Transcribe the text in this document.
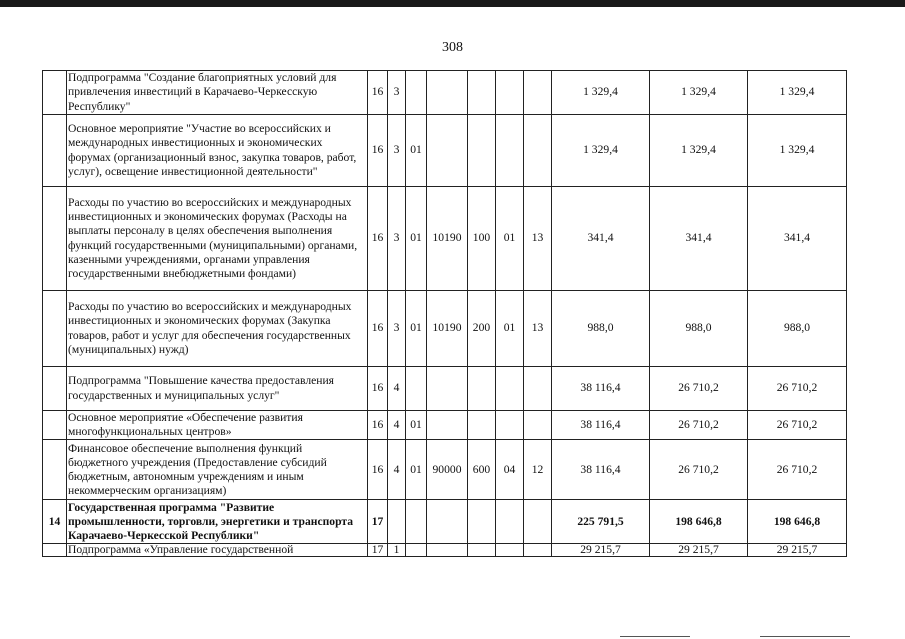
308
	Подпрограмма "Создание благоприятных условий для привлечения инвестиций в Карачаево-Черкесскую Республику"	16	3						1 329,4	1 329,4	1 329,4
	Основное мероприятие "Участие во всероссийских и международных инвестиционных и экономических форумах (организационный взнос, закупка товаров, работ, услуг), освещение инвестиционной деятельности"	16	3	01					1 329,4	1 329,4	1 329,4
	Расходы по участию во всероссийских и международных инвестиционных и экономических форумах (Расходы на выплаты персоналу в целях обеспечения выполнения функций государственными (муниципальными) органами, казенными учреждениями, органами управления государственными внебюджетными фондами)	16	3	01	10190	100	01	13	341,4	341,4	341,4
	Расходы по участию во всероссийских и международных инвестиционных и экономических форумах (Закупка товаров, работ и услуг для обеспечения государственных (муниципальных) нужд)	16	3	01	10190	200	01	13	988,0	988,0	988,0
	Подпрограмма "Повышение качества предоставления государственных и муниципальных услуг"	16	4						38 116,4	26 710,2	26 710,2
	Основное мероприятие «Обеспечение развития многофункциональных центров»	16	4	01					38 116,4	26 710,2	26 710,2
	Финансовое обеспечение выполнения функций бюджетного учреждения (Предоставление субсидий бюджетным, автономным учреждениям и иным некоммерческим организациям)	16	4	01	90000	600	04	12	38 116,4	26 710,2	26 710,2
14	Государственная программа "Развитие промышленности, торговли, энергетики и транспорта Карачаево-Черкесской Республики"	17							225 791,5	198 646,8	198 646,8
	Подпрограмма «Управление государственной	17	1						29 215,7	29 215,7	29 215,7
